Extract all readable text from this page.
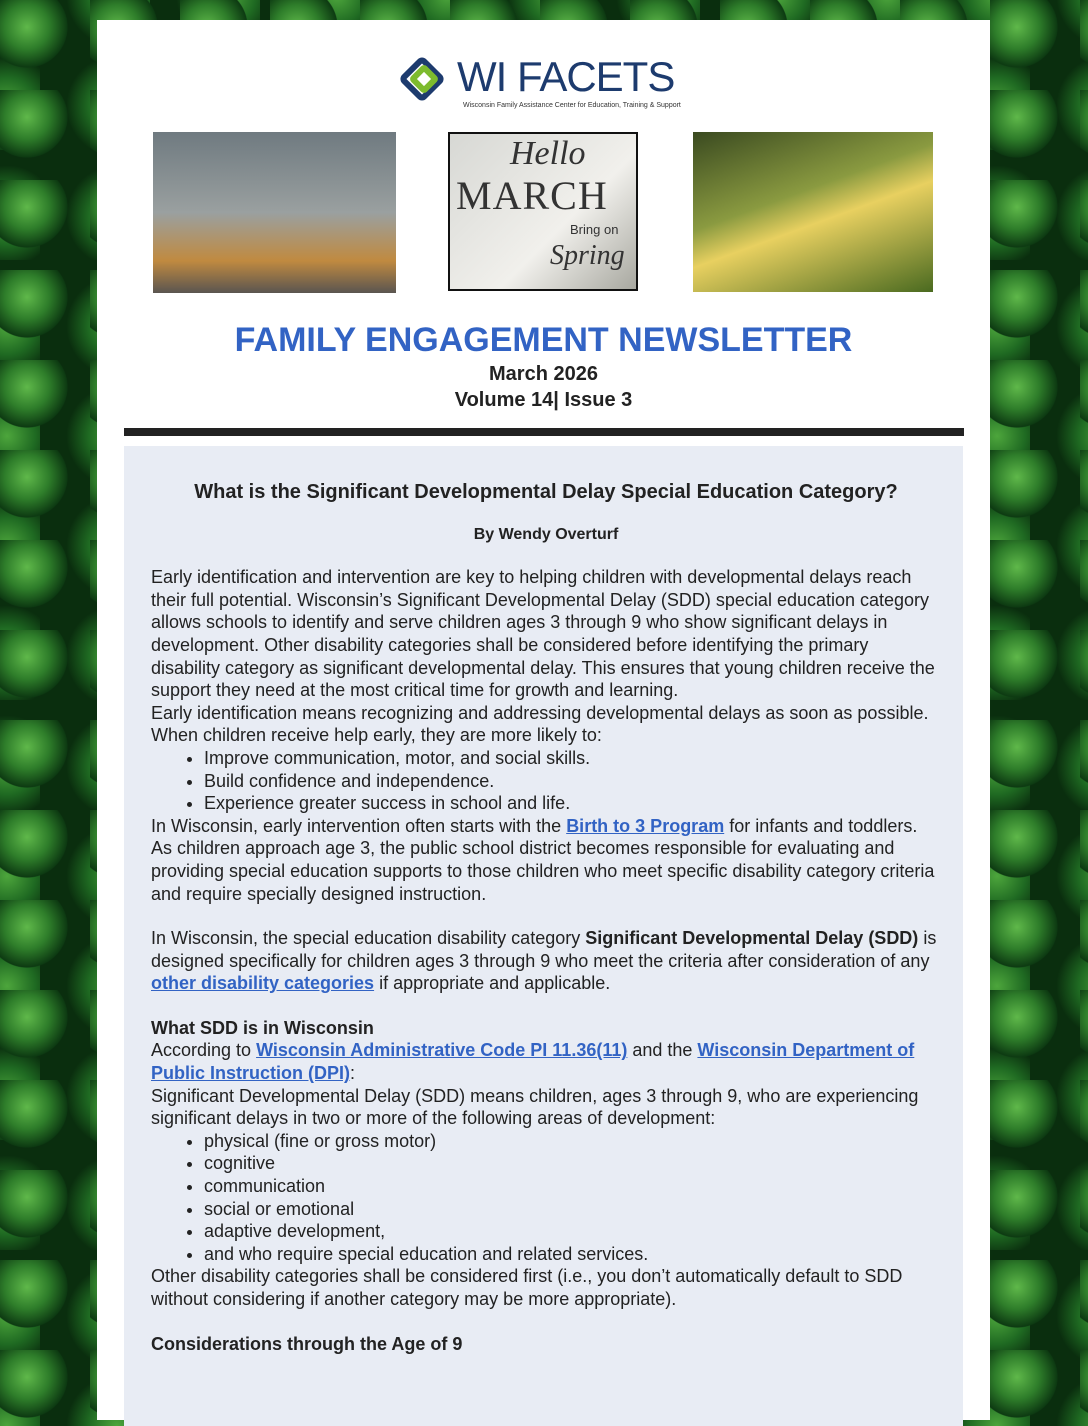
WI FACETS
Wisconsin Family Assistance Center for Education, Training & Support
Hello
MARCH
Bring on
Spring
FAMILY ENGAGEMENT NEWSLETTER
March 2026
Volume 14| Issue 3
What is the Significant Developmental Delay Special Education Category?
By Wendy Overturf

Early identification and intervention are key to helping children with developmental delays reach their full potential. Wisconsin’s Significant Developmental Delay (SDD) special education category allows schools to identify and serve children ages 3 through 9 who show significant delays in development. Other disability categories shall be considered before identifying the primary disability category as significant developmental delay. This ensures that young children receive the support they need at the most critical time for growth and learning.

Early identification means recognizing and addressing developmental delays as soon as possible.

When children receive help early, they are more likely to:

• Improve communication, motor, and social skills.
• Build confidence and independence.
• Experience greater success in school and life.

In Wisconsin, early intervention often starts with the Birth to 3 Program for infants and toddlers. As children approach age 3, the public school district becomes responsible for evaluating and providing special education supports to those children who meet specific disability category criteria and require specially designed instruction.

In Wisconsin, the special education disability category Significant Developmental Delay (SDD) is designed specifically for children ages 3 through 9 who meet the criteria after consideration of any other disability categories if appropriate and applicable.

What SDD is in Wisconsin

According to Wisconsin Administrative Code PI 11.36(11) and the Wisconsin Department of Public Instruction (DPI):

Significant Developmental Delay (SDD) means children, ages 3 through 9, who are experiencing significant delays in two or more of the following areas of development:

• physical (fine or gross motor)
• cognitive
• communication
• social or emotional
• adaptive development,
• and who require special education and related services.

Other disability categories shall be considered first (i.e., you don’t automatically default to SDD without considering if another category may be more appropriate).

Considerations through the Age of 9
